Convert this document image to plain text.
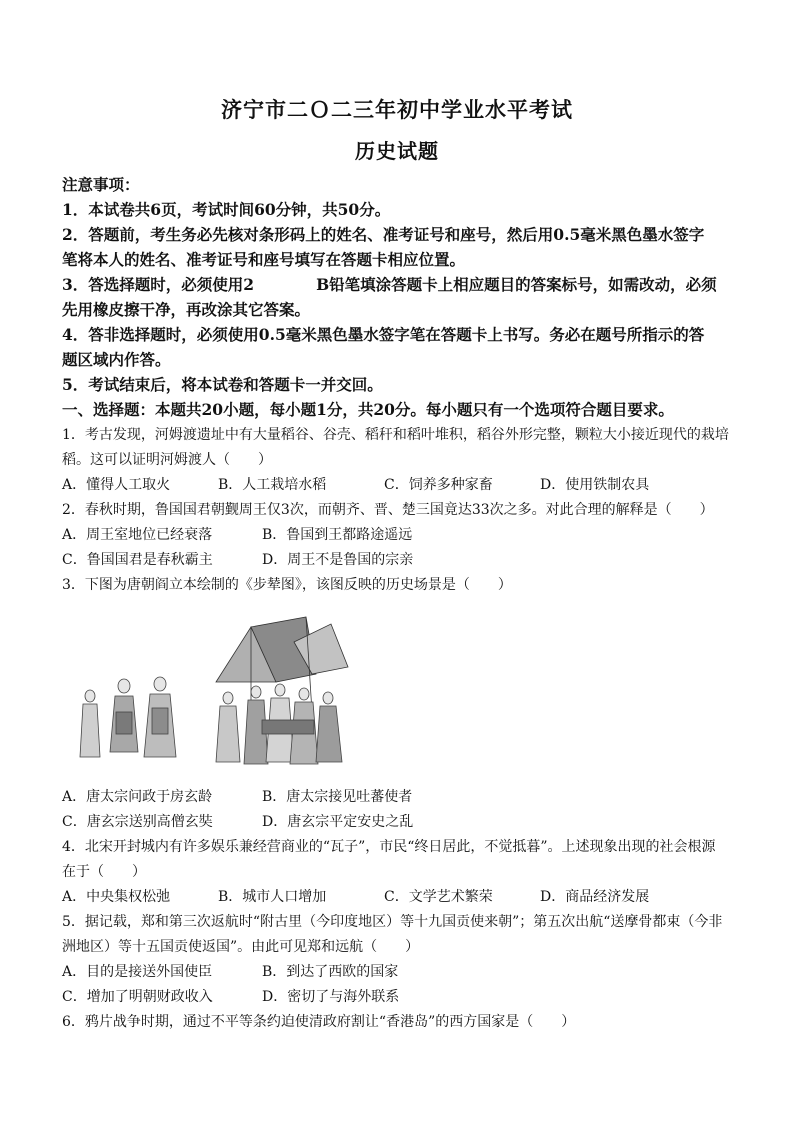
济宁市二Ｏ二三年初中学业水平考试
历史试题
注意事项：
1．本试卷共6页，考试时间60分钟，共50分。
2．答题前，考生务必先核对条形码上的姓名、准考证号和座号，然后用0.5毫米黑色墨水签字
笔将本人的姓名、准考证号和座号填写在答题卡相应位置。
3．答选择题时，必须使用2　　　　B铅笔填涂答题卡上相应题目的答案标号，如需改动，必须
先用橡皮擦干净，再改涂其它答案。
4．答非选择题时，必须使用0.5毫米黑色墨水签字笔在答题卡上书写。务必在题号所指示的答
题区域内作答。
5．考试结束后，将本试卷和答题卡一并交回。
一、选择题：本题共20小题，每小题1分，共20分。每小题只有一个选项符合题目要求。
1．考古发现，河姆渡遗址中有大量稻谷、谷壳、稻秆和稻叶堆积，稻谷外形完整，颗粒大小接近现代的栽培
稻。这可以证明河姆渡人（　　）
A．懂得人工取火	B．人工栽培水稻	C．饲养多种家畜	D．使用铁制农具
2．春秋时期，鲁国国君朝觐周王仅3次，而朝齐、晋、楚三国竟达33次之多。对此合理的解释是（　　）
A．周王室地位已经衰落	B．鲁国到王都路途遥远
C．鲁国国君是春秋霸主	D．周王不是鲁国的宗亲
3．下图为唐朝阎立本绘制的《步辇图》，该图反映的历史场景是（　　）
A．唐太宗问政于房玄龄	B．唐太宗接见吐蕃使者
C．唐玄宗送别高僧玄奘	D．唐玄宗平定安史之乱
4．北宋开封城内有许多娱乐兼经营商业的“瓦子”，市民“终日居此，不觉抵暮”。上述现象出现的社会根源
在于（　　）
A．中央集权松弛	B．城市人口增加	C．文学艺术繁荣	D．商品经济发展
5．据记载，郑和第三次返航时“附古里（今印度地区）等十九国贡使来朝”；第五次出航“送摩骨都束（今非
洲地区）等十五国贡使返国”。由此可见郑和远航（　　）
A．目的是接送外国使臣	B．到达了西欧的国家
C．增加了明朝财政收入	D．密切了与海外联系
6．鸦片战争时期，通过不平等条约迫使清政府割让“香港岛”的西方国家是（　　）
